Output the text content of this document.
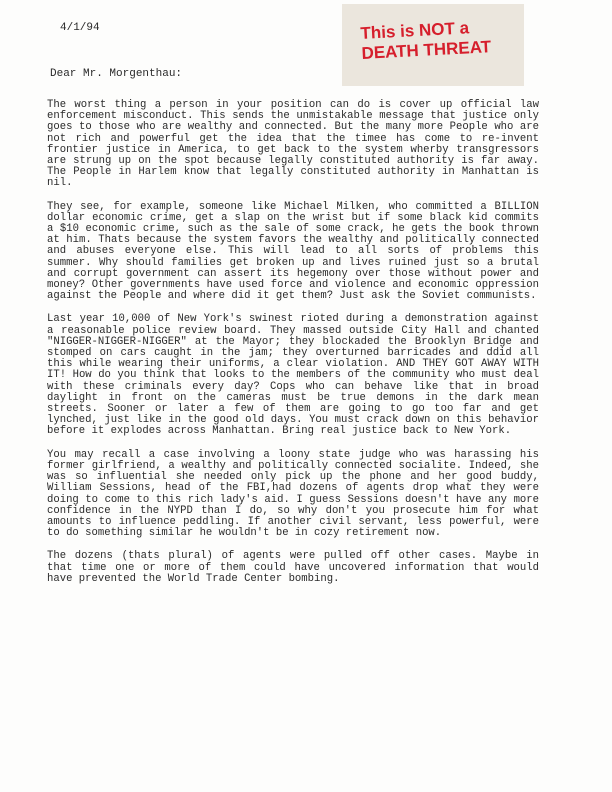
4/1/94	This is NOT a
DEATH THREAT
Dear Mr. Morgenthau:

The worst thing a person in your position can do is cover up official law enforcement misconduct. This sends the unmistakable message that justice only goes to those who are wealthy and connected. But the many more People who are not rich and powerful get the idea that the timee has come to re-invent frontier justice in America, to get back to the system wherby transgressors are strung up on the spot because legally constituted authority is far away. The People in Harlem know that legally constituted authority in Manhattan is nil.

They see, for example, someone like Michael Milken, who committed a BILLION dollar economic crime, get a slap on the wrist but if some black kid commits a $10 economic crime, such as the sale of some crack, he gets the book thrown at him. Thats because the system favors the wealthy and politically connected and abuses everyone else. This will lead to all sorts of problems this summer. Why should families get broken up and lives ruined just so a brutal and corrupt government can assert its hegemony over those without power and money? Other governments have used force and violence and economic oppression against the People and where did it get them? Just ask the Soviet communists.

Last year 10,000 of New York's swinest rioted during a demonstration against a reasonable police review board. They massed outside City Hall and chanted "NIGGER-NIGGER-NIGGER" at the Mayor; they blockaded the Brooklyn Bridge and stomped on cars caught in the jam; they overturned barricades and ddid all this while wearing their uniforms, a clear violation. AND THEY GOT AWAY WITH IT! How do you think that looks to the members of the community who must deal with these criminals every day? Cops who can behave like that in broad daylight in front on the cameras must be true demons in the dark mean streets. Sooner or later a few of them are going to go too far and get lynched, just like in the good old days. You must crack down on this behavior before it explodes across Manhattan. Bring real justice back to New York.

You may recall a case involving a loony state judge who was harassing his former girlfriend, a wealthy and politically connected socialite. Indeed, she was so influential she needed only pick up the phone and her good buddy, William Sessions, head of the FBI,had dozens of agents drop what they were doing to come to this rich lady's aid. I guess Sessions doesn't have any more confidence in the NYPD than I do, so why don't you prosecute him for what amounts to influence peddling. If another civil servant, less powerful, were to do something similar he wouldn't be in cozy retirement now.

The dozens (thats plural) of agents were pulled off other cases. Maybe in that time one or more of them could have uncovered information that would have prevented the World Trade Center bombing.
